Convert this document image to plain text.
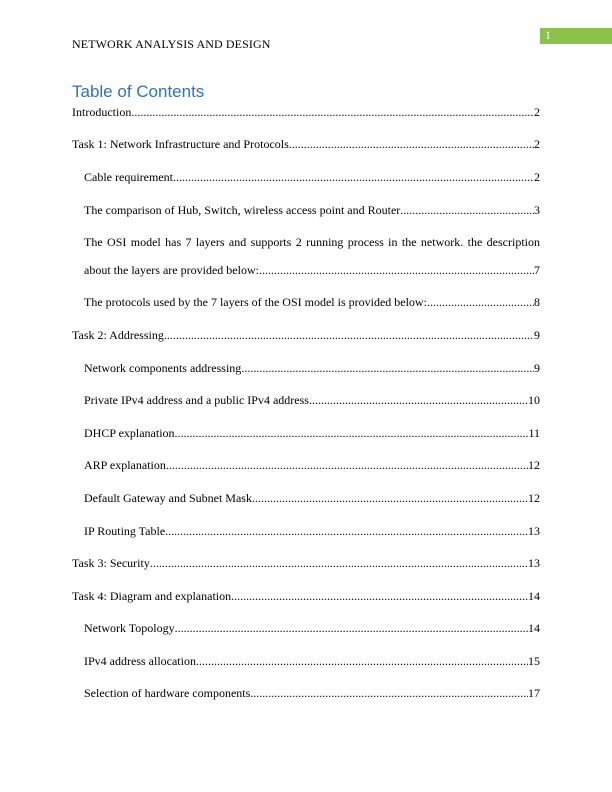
1
NETWORK ANALYSIS AND DESIGN
Table of Contents
Introduction .....	2
Task 1: Network Infrastructure and Protocols .....	2
Cable requirement .....	2
The comparison of Hub, Switch, wireless access point and Router .....	3
The OSI model has 7 layers and supports 2 running process in the network. the description
about the layers are provided below: .....	7
The protocols used by the 7 layers of the OSI model is provided below: .....	8
Task 2: Addressing .....	9
Network components addressing .....	9
Private IPv4 address and a public IPv4 address .....	10
DHCP explanation .....	11
ARP explanation .....	12
Default Gateway and Subnet Mask .....	12
IP Routing Table .....	13
Task 3: Security .....	13
Task 4: Diagram and explanation .....	14
Network Topology .....	14
IPv4 address allocation .....	15
Selection of hardware components .....	17
